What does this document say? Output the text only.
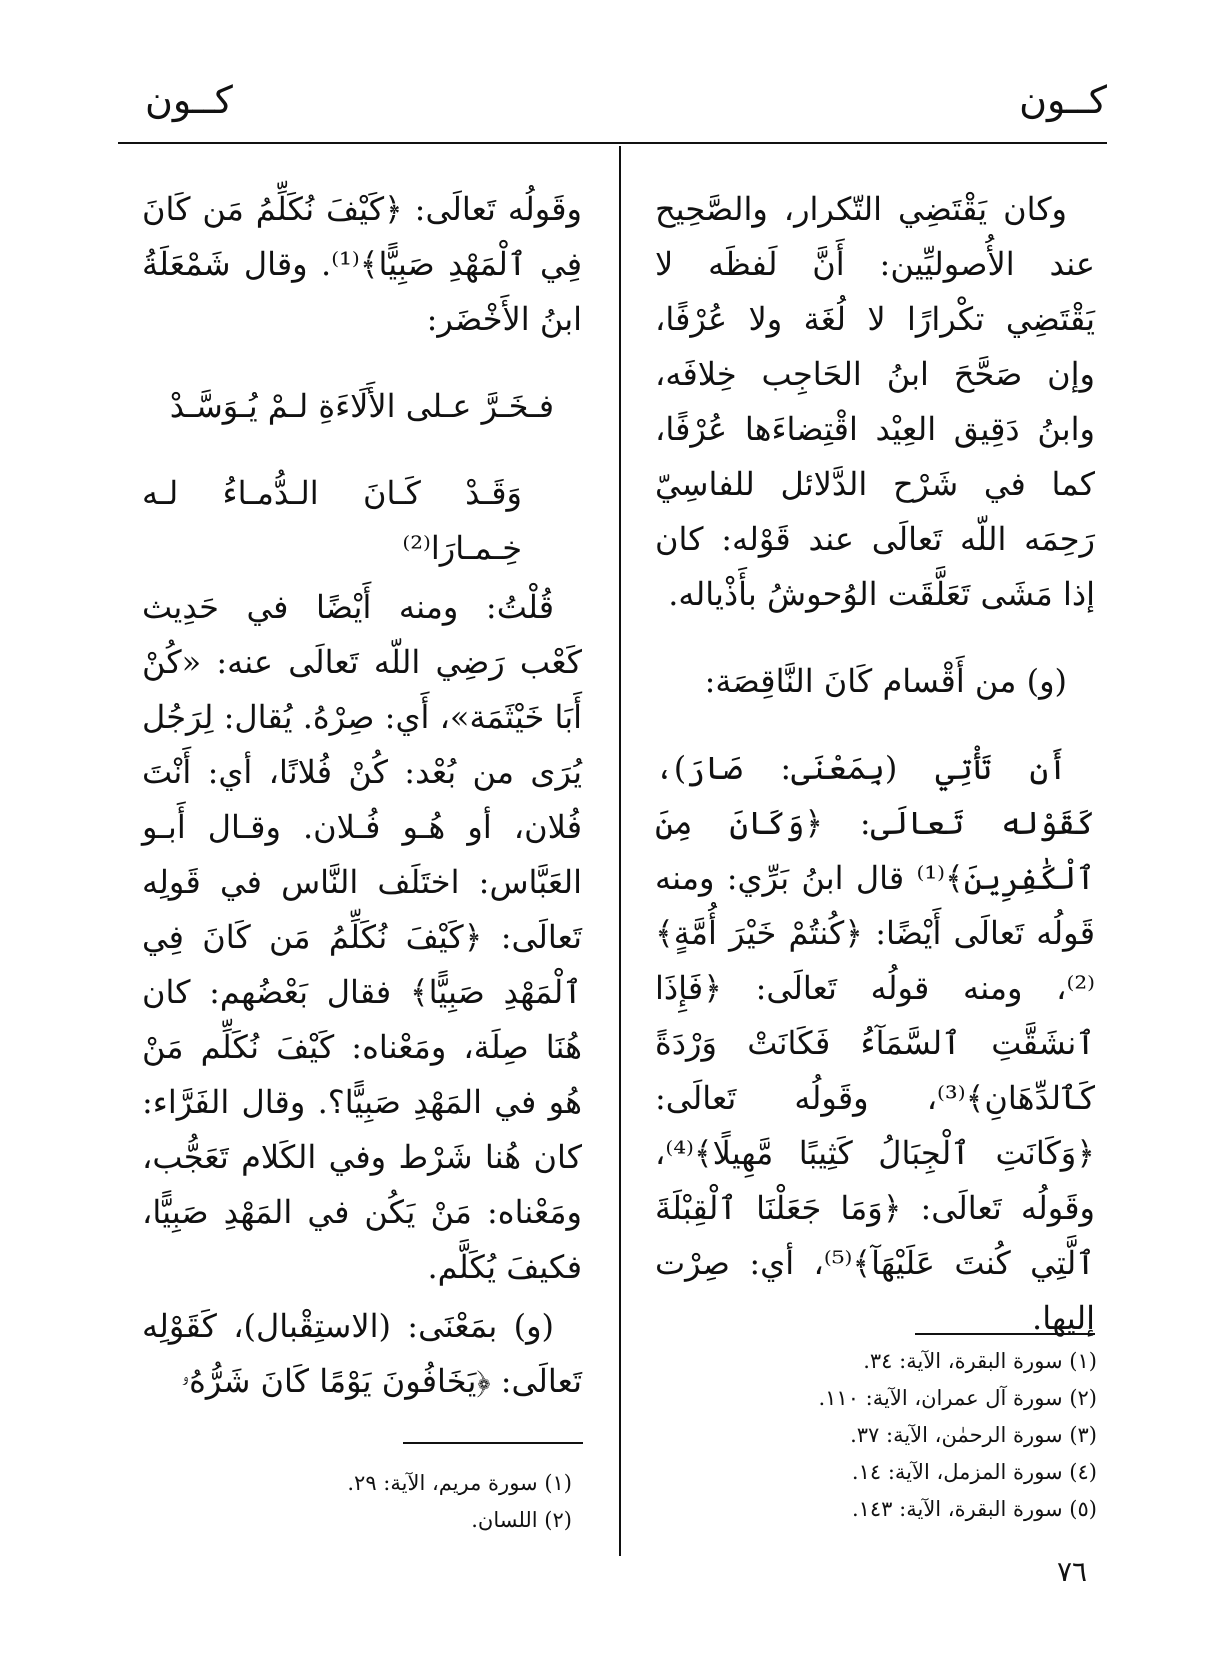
كــون
كــون

وكان يَقْتَضِي التّكرار، والصَّحِيح عند الأُصوليِّين: أَنَّ لَفظَه لا يَقْتَضِي تكْرارًا لا لُغَة ولا عُرْفًا، وإن صَحَّحَ ابنُ الحَاجِب خِلافَه، وابنُ دَقِيق العِيْد اقْتِضاءَها عُرْفًا، كما في شَرْح الدَّلائل للفاسِيّ رَحِمَه اللّه تَعالَى عند قَوْله: كان إذا مَشَى تَعَلَّقَت الوُحوشُ بأَذْياله.

(و) من أَقْسام كَانَ النَّاقِصَة:

أَن تَأْتِي (بِمَعْنَى: صَارَ)، كَقَوْله تَعالَى: ﴿وَكَانَ مِنَ ٱلْكَٰفِرِينَ﴾⁽¹⁾ قال ابنُ بَرِّي: ومنه قَولُه تَعالَى أَيْضًا: ﴿كُنتُمْ خَيْرَ أُمَّةٍ﴾⁽²⁾، ومنه قولُه تَعالَى: ﴿فَإِذَا ٱنشَقَّتِ ٱلسَّمَآءُ فَكَانَتْ وَرْدَةً كَٱلدِّهَانِ﴾⁽³⁾، وقَولُه تَعالَى: ﴿وَكَانَتِ ٱلْجِبَالُ كَثِيبًا مَّهِيلًا﴾⁽⁴⁾، وقَولُه تَعالَى: ﴿وَمَا جَعَلْنَا ٱلْقِبْلَةَ ٱلَّتِي كُنتَ عَلَيْهَآ﴾⁽⁵⁾، أي: صِرْت إليها.

وقَولُه تَعالَى: ﴿كَيْفَ نُكَلِّمُ مَن كَانَ فِي ٱلْمَهْدِ صَبِيًّا﴾⁽¹⁾. وقال شَمْعَلَةُ ابنُ الأَخْضَر:

فـخَـرَّ عـلى الأَلَاءَةِ لـمْ يُـوَسَّـدْ

وَقَـدْ كَـانَ الـدُّمـاءُ لـه خِـمـارَا⁽²⁾

قُلْتُ: ومنه أَيْضًا في حَدِيث كَعْب رَضِي اللّه تَعالَى عنه: «كُنْ أَبَا خَيْثَمَة»، أَي: صِرْهُ. يُقال: لِرَجُل يُرَى من بُعْد: كُنْ فُلانًا، أي: أَنْتَ فُلان، أو هُـو فُـلان. وقـال أَبـو العَبَّاس: اختَلَف النَّاس في قَولِه تَعالَى: ﴿كَيْفَ نُكَلِّمُ مَن كَانَ فِي ٱلْمَهْدِ صَبِيًّا﴾ فقال بَعْضُهم: كان هُنَا صِلَة، ومَعْناه: كَيْفَ نُكَلِّم مَنْ هُو في المَهْدِ صَبِيًّا؟. وقال الفَرَّاء: كان هُنا شَرْط وفي الكَلام تَعَجُّب، ومَعْناه: مَنْ يَكُن في المَهْدِ صَبِيًّا، فكيفَ يُكَلَّم.

(و) بمَعْنَى: (الاستِقْبال)، كَقَوْلِه تَعالَى: ﴿يَخَافُونَ يَوْمًا كَانَ شَرُّهُۥ

(١) سورة البقرة، الآية: ٣٤.
(٢) سورة آل عمران، الآية: ١١٠.
(٣) سورة الرحمٰن، الآية: ٣٧.
(٤) سورة المزمل، الآية: ١٤.
(٥) سورة البقرة، الآية: ١٤٣.
(١) سورة مريم، الآية: ٢٩.
(٢) اللسان.
٧٦
